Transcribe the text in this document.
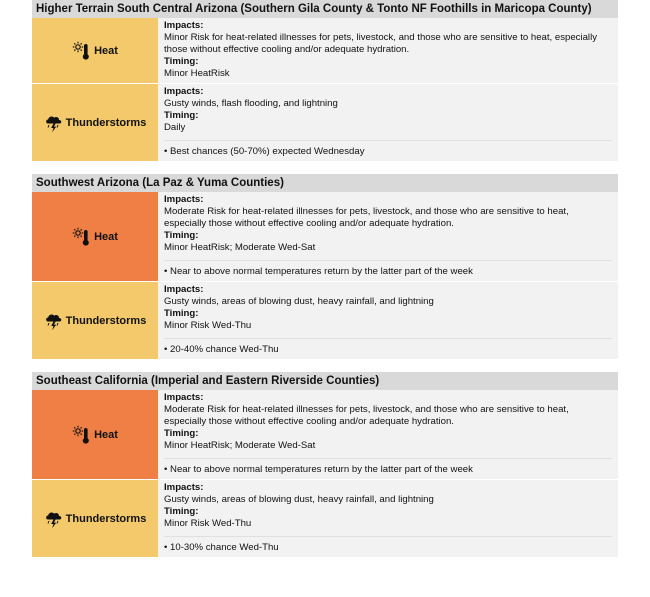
Higher Terrain South Central Arizona (Southern Gila County & Tonto NF Foothills in Maricopa County)
Heat
Impacts:
Minor Risk for heat-related illnesses for pets, livestock, and those who are sensitive to heat, especially those without effective cooling and/or adequate hydration.
Timing:
Minor HeatRisk
Thunderstorms
Impacts:
Gusty winds, flash flooding, and lightning
Timing:
Daily
• Best chances (50-70%) expected Wednesday
Southwest Arizona (La Paz & Yuma Counties)
Heat
Impacts:
Moderate Risk for heat-related illnesses for pets, livestock, and those who are sensitive to heat, especially those without effective cooling and/or adequate hydration.
Timing:
Minor HeatRisk; Moderate Wed-Sat
• Near to above normal temperatures return by the latter part of the week
Thunderstorms
Impacts:
Gusty winds, areas of blowing dust, heavy rainfall, and lightning
Timing:
Minor Risk Wed-Thu
• 20-40% chance Wed-Thu
Southeast California (Imperial and Eastern Riverside Counties)
Heat
Impacts:
Moderate Risk for heat-related illnesses for pets, livestock, and those who are sensitive to heat, especially those without effective cooling and/or adequate hydration.
Timing:
Minor HeatRisk; Moderate Wed-Sat
• Near to above normal temperatures return by the latter part of the week
Thunderstorms
Impacts:
Gusty winds, areas of blowing dust, heavy rainfall, and lightning
Timing:
Minor Risk Wed-Thu
• 10-30% chance Wed-Thu
